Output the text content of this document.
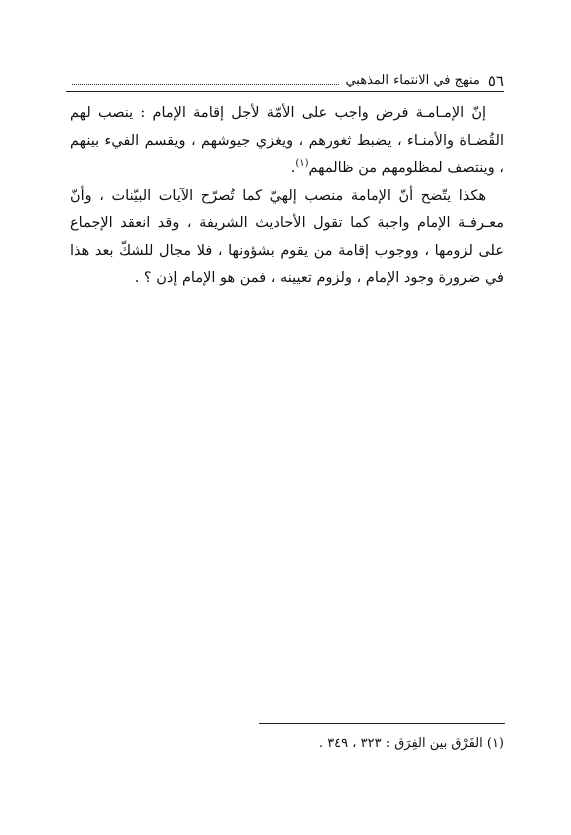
٥٦
منهج في الانتماء المذهبي

إنّ الإمـامـة فرض واجب على الأمّة لأجل إقامة الإمام : ينصب لهم القُضـاة والأمنـاء ، يضبط ثغورهم ، ويغزي جيوشهم ، ويقسم الفيء بينهم ، وينتصف لمظلومهم من ظالمهم$^{(١)}$.

هكذا يتّضح أنّ الإمامة منصب إلهيّ كما تُصرّح الآيات البيّنات ، وأنّ معـرفـة الإمام واجبة كما تقول الأحاديث الشريفة ، وقد انعقد الإجماع على لزومها ، ووجوب إقامة من يقوم بشؤونها ، فلا مجال للشكّ بعد هذا في ضرورة وجود الإمام ، ولزوم تعيينه ، فمن هو الإمام إذن ؟ .

(١) الفَرْق بين الفِرَق : ٣٢٣ ، ٣٤٩ .
